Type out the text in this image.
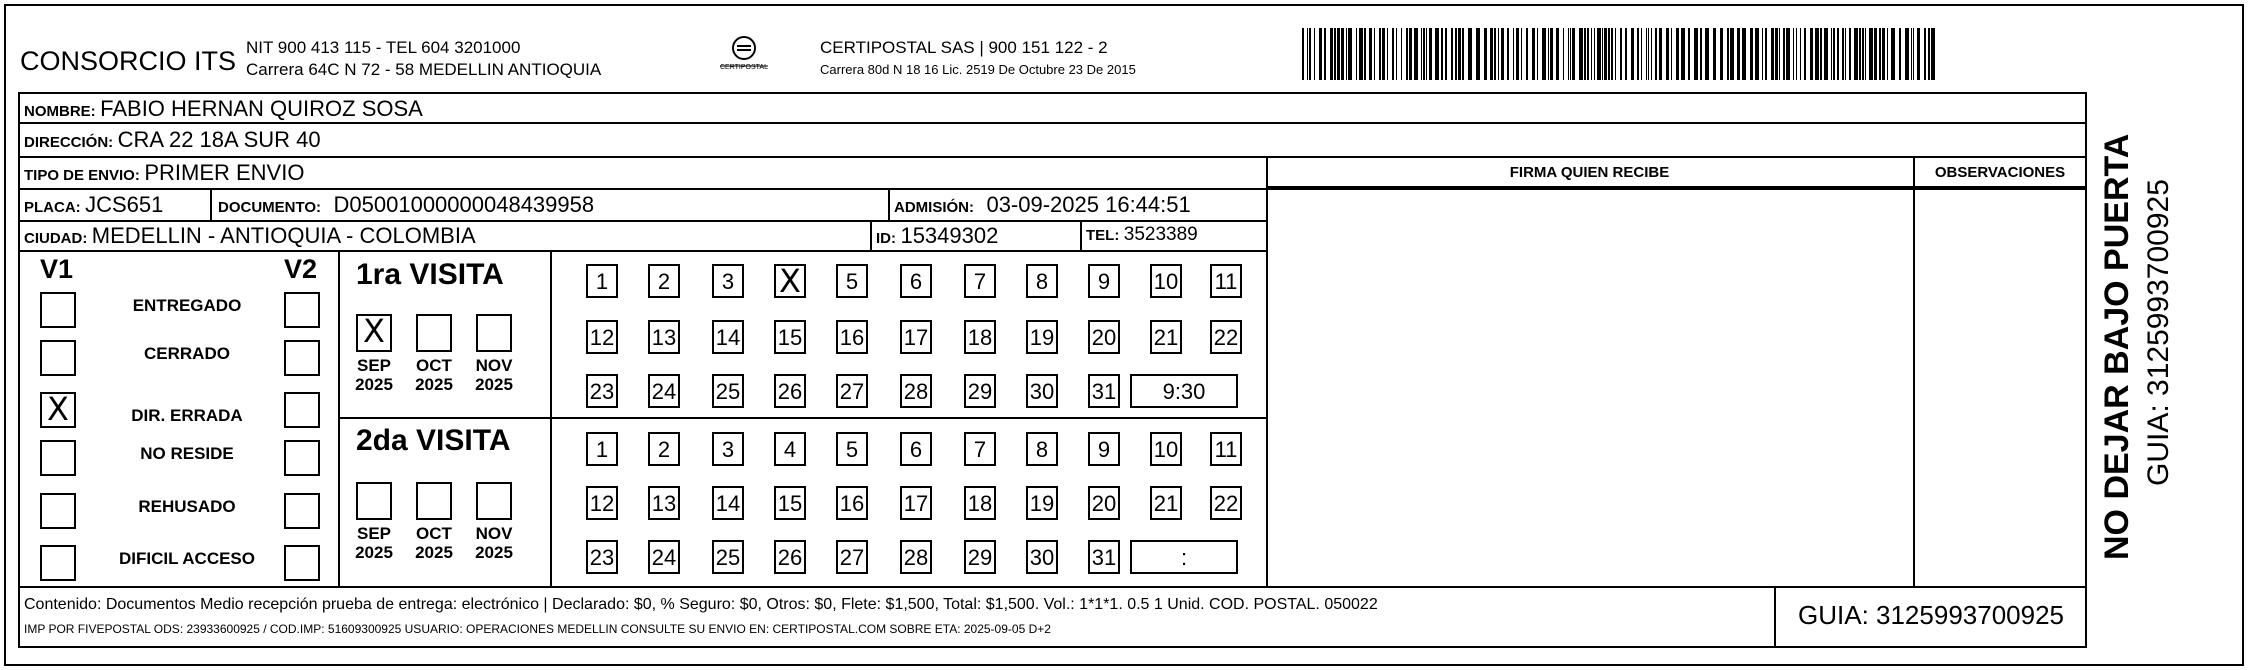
CONSORCIO ITS NIT 900 413 115 - TEL 604 3201000
Carrera 64C N 72 - 58 MEDELLIN ANTIOQUIA	CERTIPOSTAL
CERTIPOSTAL SAS | 900 151 122 - 2
Carrera 80d N 18 16 Lic. 2519 De Octubre 23 De 2015
NOMBRE: FABIO HERNAN QUIROZ SOSA
DIRECCIÓN: CRA 22 18A SUR 40
TIPO DE ENVIO: PRIMER ENVIO	FIRMA QUIEN RECIBE	OBSERVACIONES
PLACA: JCS651	DOCUMENTO: D05001000000048439958	ADMISIÓN: 03-09-2025 16:44:51
CIUDAD: MEDELLIN - ANTIOQUIA - COLOMBIA	ID: 15349302	TEL: 3523389
V1	V2 1ra VISITA
2da VISITA
Contenido: Documentos Medio recepción prueba de entrega: electrónico | Declarado: $0, % Seguro: $0, Otros: $0, Flete: $1,500, Total: $1,500. Vol.: 1*1*1. 0.5 1 Unid. COD. POSTAL. 050022
IMP POR FIVEPOSTAL ODS: 23933600925 / COD.IMP: 51609300925 USUARIO: OPERACIONES MEDELLIN CONSULTE SU ENVIO EN: CERTIPOSTAL.COM SOBRE ETA: 2025-09-05 D+2	GUIA: 3125993700925
NO DEJAR BAJO PUERTA GUIA: 3125993700925
ENTREGADO
CERRADO
X	DIR. ERRADA
NO RESIDE
REHUSADO
DIFICIL ACCESO
X
SEP
2025
OCT
2025
NOV
2025
SEP
2025
OCT
2025
NOV
2025
1	2	3	X	5	6	7	8	9	10 11
12 13 14 15 16 17 18 19 20 21 22
23 24 25 26 27 28 29 30 31	9:30
1	2	3	4	5	6	7	8	9	10 11
12 13 14 15 16 17 18 19 20 21 22
23 24 25 26 27 28 29 30 31	:
